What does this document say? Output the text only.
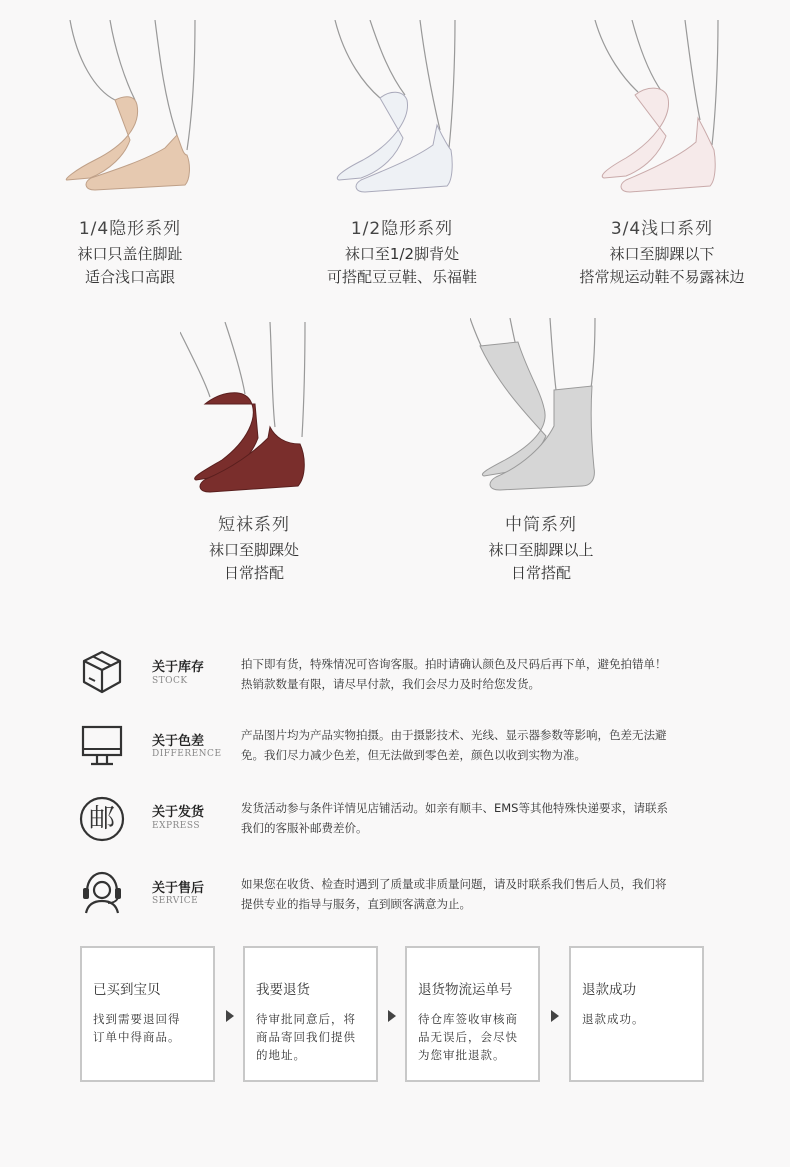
1/4隐形系列
袜口只盖住脚趾
适合浅口高跟
1/2隐形系列
袜口至1/2脚背处
可搭配豆豆鞋、乐福鞋
3/4浅口系列
袜口至脚踝以下
搭常规运动鞋不易露袜边
短袜系列
袜口至脚踝处
日常搭配
中筒系列
袜口至脚踝以上
日常搭配
关于库存
STOCK
拍下即有货，特殊情况可咨询客服。拍时请确认颜色及尺码后再下单，避免拍错单！
热销款数量有限，请尽早付款，我们会尽力及时给您发货。
关于色差
DIFFERENCE
产品图片均为产品实物拍摄。由于摄影技术、光线、显示器参数等影响，色差无法避
免。我们尽力减少色差，但无法做到零色差，颜色以收到实物为准。
邮	关于发货
EXPRESS
发货活动参与条件详情见店铺活动。如亲有顺丰、EMS等其他特殊快递要求，请联系
我们的客服补邮费差价。
关于售后
SERVICE
如果您在收货、检查时遇到了质量或非质量问题，请及时联系我们售后人员，我们将
提供专业的指导与服务，直到顾客满意为止。
已买到宝贝
找到需要退回得
订单中得商品。
我要退货
待审批同意后，将
商品寄回我们提供
的地址。
退货物流运单号
待仓库签收审核商
品无误后，会尽快
为您审批退款。
退款成功
退款成功。
